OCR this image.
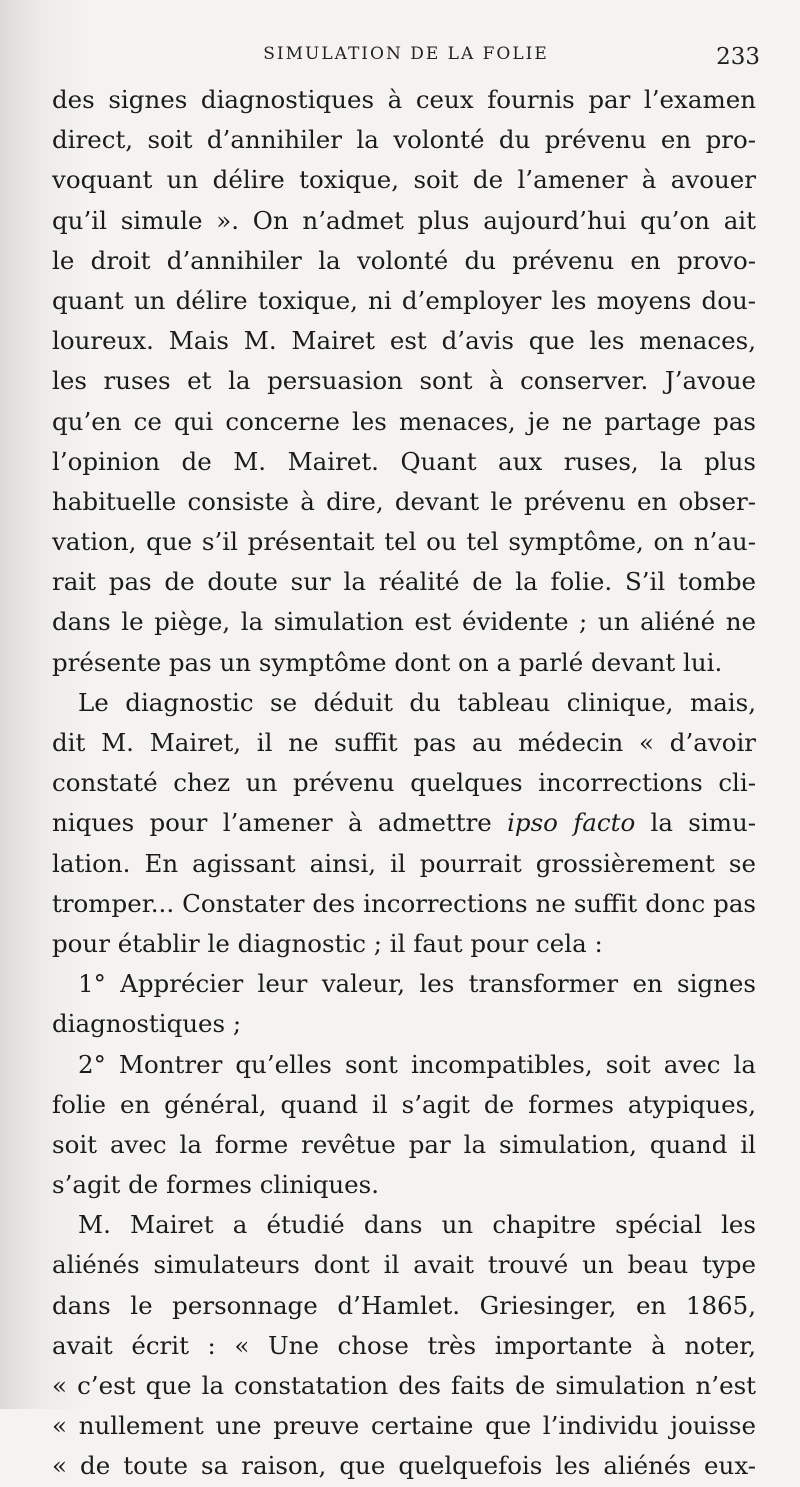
SIMULATION DE LA FOLIE	233
des signes diagnostiques à ceux fournis par l’examen
direct, soit d’annihiler la volonté du prévenu en pro-
voquant un délire toxique, soit de l’amener à avouer
qu’il simule ». On n’admet plus aujourd’hui qu’on ait
le droit d’annihiler la volonté du prévenu en provo-
quant un délire toxique, ni d’employer les moyens dou-
loureux. Mais M. Mairet est d’avis que les menaces,
les ruses et la persuasion sont à conserver. J’avoue
qu’en ce qui concerne les menaces, je ne partage pas
l’opinion de M. Mairet. Quant aux ruses, la plus
habituelle consiste à dire, devant le prévenu en obser-
vation, que s’il présentait tel ou tel symptôme, on n’au-
rait pas de doute sur la réalité de la folie. S’il tombe
dans le piège, la simulation est évidente ; un aliéné ne
présente pas un symptôme dont on a parlé devant lui.
Le diagnostic se déduit du tableau clinique, mais,
dit M. Mairet, il ne suffit pas au médecin « d’avoir
constaté chez un prévenu quelques incorrections cli-
niques pour l’amener à admettre ipso facto la simu-
lation. En agissant ainsi, il pourrait grossièrement se
tromper... Constater des incorrections ne suffit donc pas
pour établir le diagnostic ; il faut pour cela :
1° Apprécier leur valeur, les transformer en signes
diagnostiques ;
2° Montrer qu’elles sont incompatibles, soit avec la
folie en général, quand il s’agit de formes atypiques,
soit avec la forme revêtue par la simulation, quand il
s’agit de formes cliniques.
M. Mairet a étudié dans un chapitre spécial les
aliénés simulateurs dont il avait trouvé un beau type
dans le personnage d’Hamlet. Griesinger, en 1865,
avait écrit : « Une chose très importante à noter,
« c’est que la constatation des faits de simulation n’est
« nullement une preuve certaine que l’individu jouisse
« de toute sa raison, que quelquefois les aliénés eux-
